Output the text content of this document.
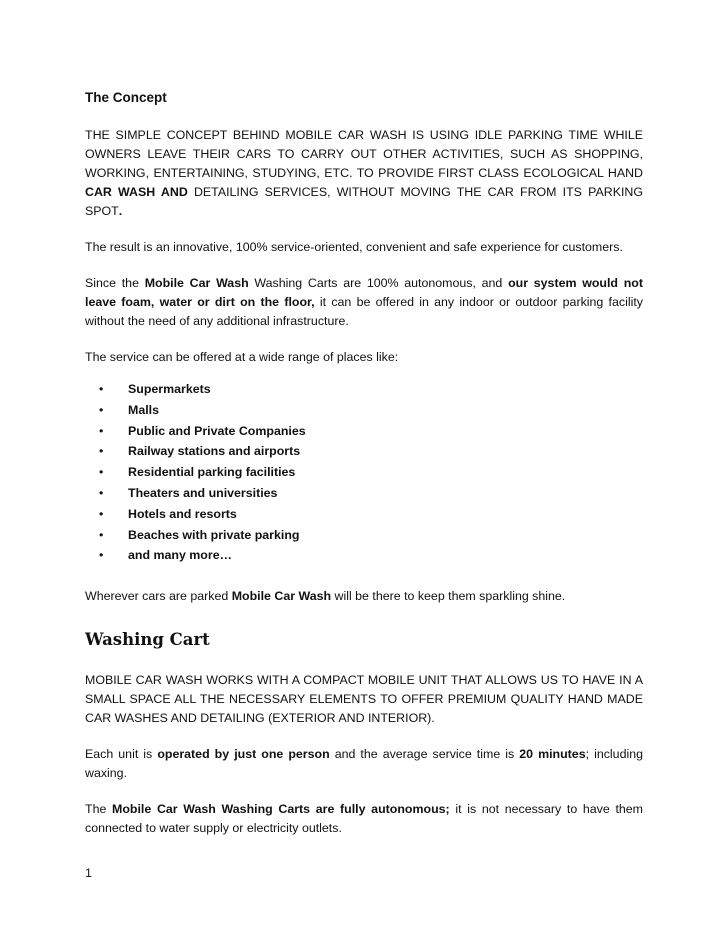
The Concept

THE SIMPLE CONCEPT BEHIND MOBILE CAR WASH IS USING IDLE PARKING TIME WHILE OWNERS LEAVE THEIR CARS TO CARRY OUT OTHER ACTIVITIES, SUCH AS SHOPPING, WORKING, ENTERTAINING, STUDYING, ETC. TO PROVIDE FIRST CLASS ECOLOGICAL HAND CAR WASH AND DETAILING SERVICES, WITHOUT MOVING THE CAR FROM ITS PARKING SPOT.

The result is an innovative, 100% service-oriented, convenient and safe experience for customers.

Since the Mobile Car Wash Washing Carts are 100% autonomous, and our system would not leave foam, water or dirt on the floor, it can be offered in any indoor or outdoor parking facility without the need of any additional infrastructure.

The service can be offered at a wide range of places like:

• Supermarkets
• Malls
• Public and Private Companies
• Railway stations and airports
• Residential parking facilities
• Theaters and universities
• Hotels and resorts
• Beaches with private parking
• and many more…

Wherever cars are parked Mobile Car Wash will be there to keep them sparkling shine.

Washing Cart

MOBILE CAR WASH WORKS WITH A COMPACT MOBILE UNIT THAT ALLOWS US TO HAVE IN A SMALL SPACE ALL THE NECESSARY ELEMENTS TO OFFER PREMIUM QUALITY HAND MADE CAR WASHES AND DETAILING (EXTERIOR AND INTERIOR).

Each unit is operated by just one person and the average service time is 20 minutes; including waxing.

The Mobile Car Wash Washing Carts are fully autonomous; it is not necessary to have them connected to water supply or electricity outlets.

1
